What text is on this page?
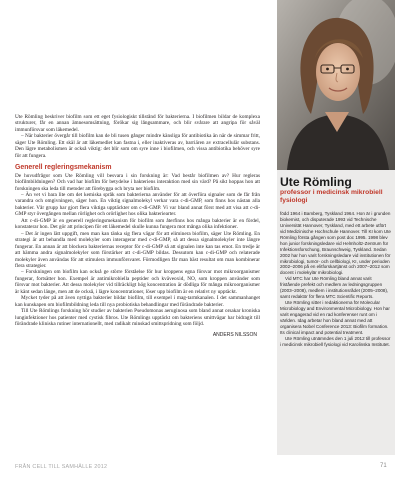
Ute Römling beskriver biofilm som ett eget fysiologiskt tillstånd för bakterierna. I biofilmen bildar de komplexa strukturer, får en annan ämnesomsättning, förökar sig långsammare, och blir svårare att angripa för såväl immunförsvar som läkemedel.

– När bakterier övergår till biofilm kan de bli tusen gånger mindre känsliga för antibiotika än när de simmar fritt, säger Ute Römling. Ett skäl är att läkemedlet kan fastna i, eller inaktiveras av, barriären av extracellulär substans. Den lägre metabolismen är också viktig: det blir som om syre inne i biofilmen, och vissa antibiotika behöver syre för att fungera.

Generell regleringsmekanism

De huvudfrågor som Ute Römling vill besvara i sin forskning är: Vad består biofilmen av? Hur regleras biofilmbildningen? Och vad har biofilm för betydelse i bakteriens interaktion med sin värd? På sikt hoppas hon att forskningen ska leda till metoder att förebygga och bryta ner biofilm.

– Än vet vi bara lite om det kemiska språk som bakterierna använder för att överföra signaler som de får från varandra och omgivningen, säger hon. En viktig signalmolekyl verkar vara c-di-GMP, som finns hos nästan alla bakterier. Vår grupp har gjort flera viktiga upptäckter om c-di-GMP. Vi var bland annat först med att visa att c-di-GMP styr övergången mellan rörlighet och orörlighet hos olika bakteriearter.

Att c-di-GMP är en generell regleringsmekanism för biofilm som återfinns hos många bakterier är en fördel, konstaterar hon. Det gör att principen för ett läkemedel skulle kunna fungera mot många olika infektioner.

– Det är ingen lätt uppgift, men man kan tänka sig flera vägar för att eliminera biofilm, säger Ute Römling. En strategi är att behandla med molekyler som interagerar med c-di-GMP, så att dessa signalmolekyler inte längre fungerar. En annan är att blockera bakteriernas receptor för c-di-GMP så att signalen inte kan tas emot. En tredje är att hämma andra signalmolekyler som förstärker att c-di-GMP bildas. Dessutom kan c-di-GMP och relaterade molekyler även användas för att stimulera immunförsvaret. Förmodligen får man bäst resultat om man kombinerar flera strategier.

– Forskningen om biofilm kan också ge större förståelse för hur kroppens egna försvar mot mikroorganismer fungerar, fortsätter hon. Exempel är antimikrobiella peptider och kväveoxid, NO, som kroppen använder som försvar mot bakterier. Att dessa molekyler vid tillräckligt hög koncentration är dödliga för många mikroorganismer är känt sedan länge, men att de också, i lägre koncentrationer, löser upp biofilm är en relativt ny upptäckt.

Mycket tyder på att även nyttiga bakterier bildar biofilm, till exempel i mag-tarmkanalen. I det sammanhanget kan kunskapen om biofilmbildning leda till nya probiotiska behandlingar med förändrade bakterier.

Till Ute Römlings forskning hör studier av bakterien Pseudomonas aeruginosa som bland annat orsakar kroniska lunginfektioner hos patienter med cystisk fibros. Ute Römlings upptäckt om bakteriens smittvägar har bidragit till förändrade kliniska rutiner internationellt, med radikalt minskad smittspridning som följd.

ANDERS NILSSON
FRÅN CELL TILL SAMHÄLLE 2012	71
Ute Römling
professor i medicinsk mikrobiell fysiologi

född 1964 i Bamberg, Tyskland 1964. Hon är i grunden biokemist, och disputerade 1993 vid Technische Universität Hannover, Tyskland, med ett arbete utfört vid Medizinische Hochschule Hannover. Till KI kom Ute Römling första gången som post doc 1995. 1998 blev hon junior forskningsledare vid Helmholtz-Zentrum für Infektionsforschung, Braunschweig, Tyskland. Sedan 2002 har hon varit forskningsledare vid institutionen för mikrobiologi, tumör- och cellbiologi, KI, under perioden 2002–2006 på en elitforskartjänst och 2007–2012 som docent i molekylär mikrobiologi.

Vid MTC har Ute Römling bland annat varit fristående prefekt och medlem av ledningsgruppen (2003–2008), medlem i institutionsrådet (2005–2008), samt redaktör för flera MTC Scientific Reports.

Ute Römling sitter i redaktionerna för Molecular Microbiology and Environmental Microbiology. Hon har varit engagerad vid en rad konferenser runt om i världen. Idag arbetar hon bland annat med att organisera Nobel Conference 2013: Biofilm formation. Its clinical impact and potential treatment.

Ute Römling utnämndes den 1 juli 2012 till professor i medicinsk mikrobiell fysiologi vid Karolinska Institutet.
